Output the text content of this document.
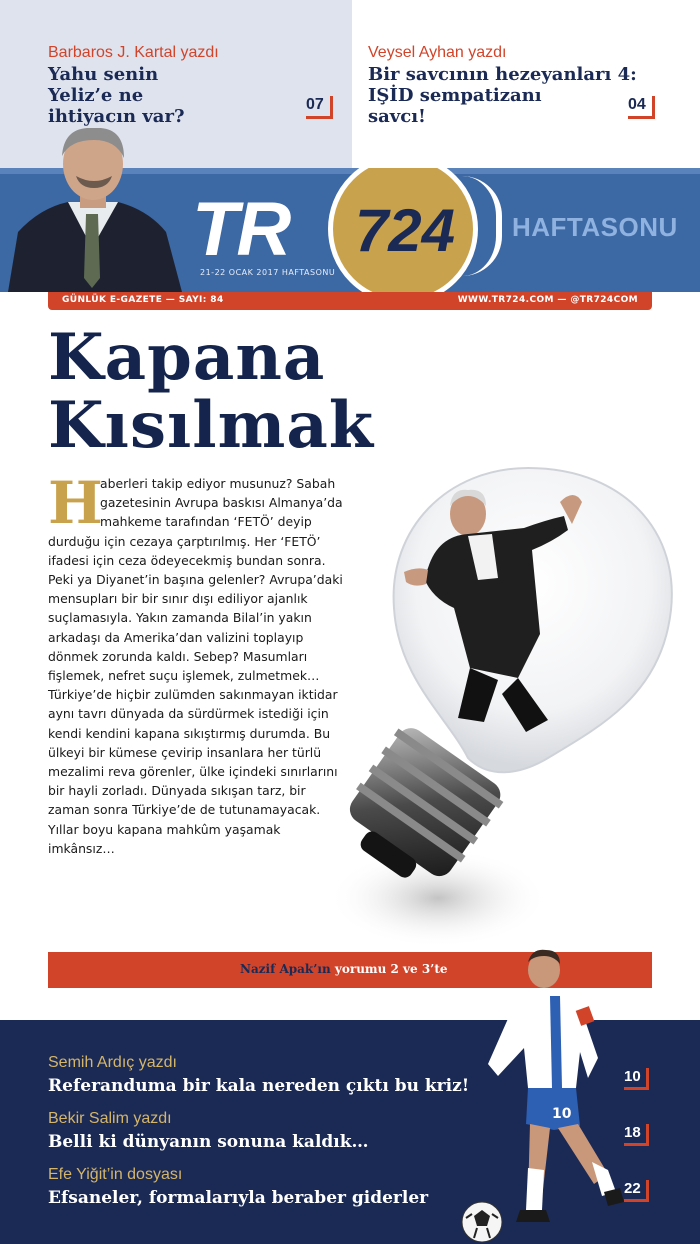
Barbaros J. Kartal yazdı
Yahu senin
Yeliz’e ne
ihtiyacın var?
07
Veysel Ayhan yazdı
Bir savcının hezeyanları 4:
IŞİD sempatizanı
savcı!
04
TR 724
21-22 OCAK 2017 HAFTASONU
HAFTASONU
GÜNLÜK E-GAZETE — SAYI: 84	WWW.TR724.COM — @TR724COM
Kapana
Kısılmak
H
aberleri takip ediyor musunuz? Sabah gazetesinin Avrupa baskısı Almanya’da mahkeme tarafından ‘FETÖ’ deyip durduğu için cezaya çarptırılmış. Her ‘FETÖ’ ifadesi için ceza ödeyecekmiş bundan sonra. Peki ya Diyanet’in başına gelenler? Avrupa’daki mensupları bir bir sınır dışı ediliyor ajanlık suçlamasıyla. Yakın zamanda Bilal’in yakın arkadaşı da Amerika’dan valizini toplayıp dönmek zorunda kaldı. Sebep? Masumları fişlemek, nefret suçu işlemek, zulmetmek… Türkiye’de hiçbir zulümden sakınmayan iktidar aynı tavrı dünyada da sürdürmek istediği için kendi kendini kapana sıkıştırmış durumda. Bu ülkeyi bir kümese çevirip insanlara her türlü mezalimi reva görenler, ülke içindeki sınırlarını bir hayli zorladı. Dünyada sıkışan tarz, bir zaman sonra Türkiye’de de tutunamayacak. Yıllar boyu kapana mahkûm yaşamak imkânsız…
Nazif Apak’ın yorumu 2 ve 3’te
Semih Ardıç yazdı
Referanduma bir kala nereden çıktı bu kriz!	10
Bekir Salim yazdı
Belli ki dünyanın sonuna kaldık…	18
Efe Yiğit’in dosyası
Efsaneler, formalarıyla beraber giderler	22
10
